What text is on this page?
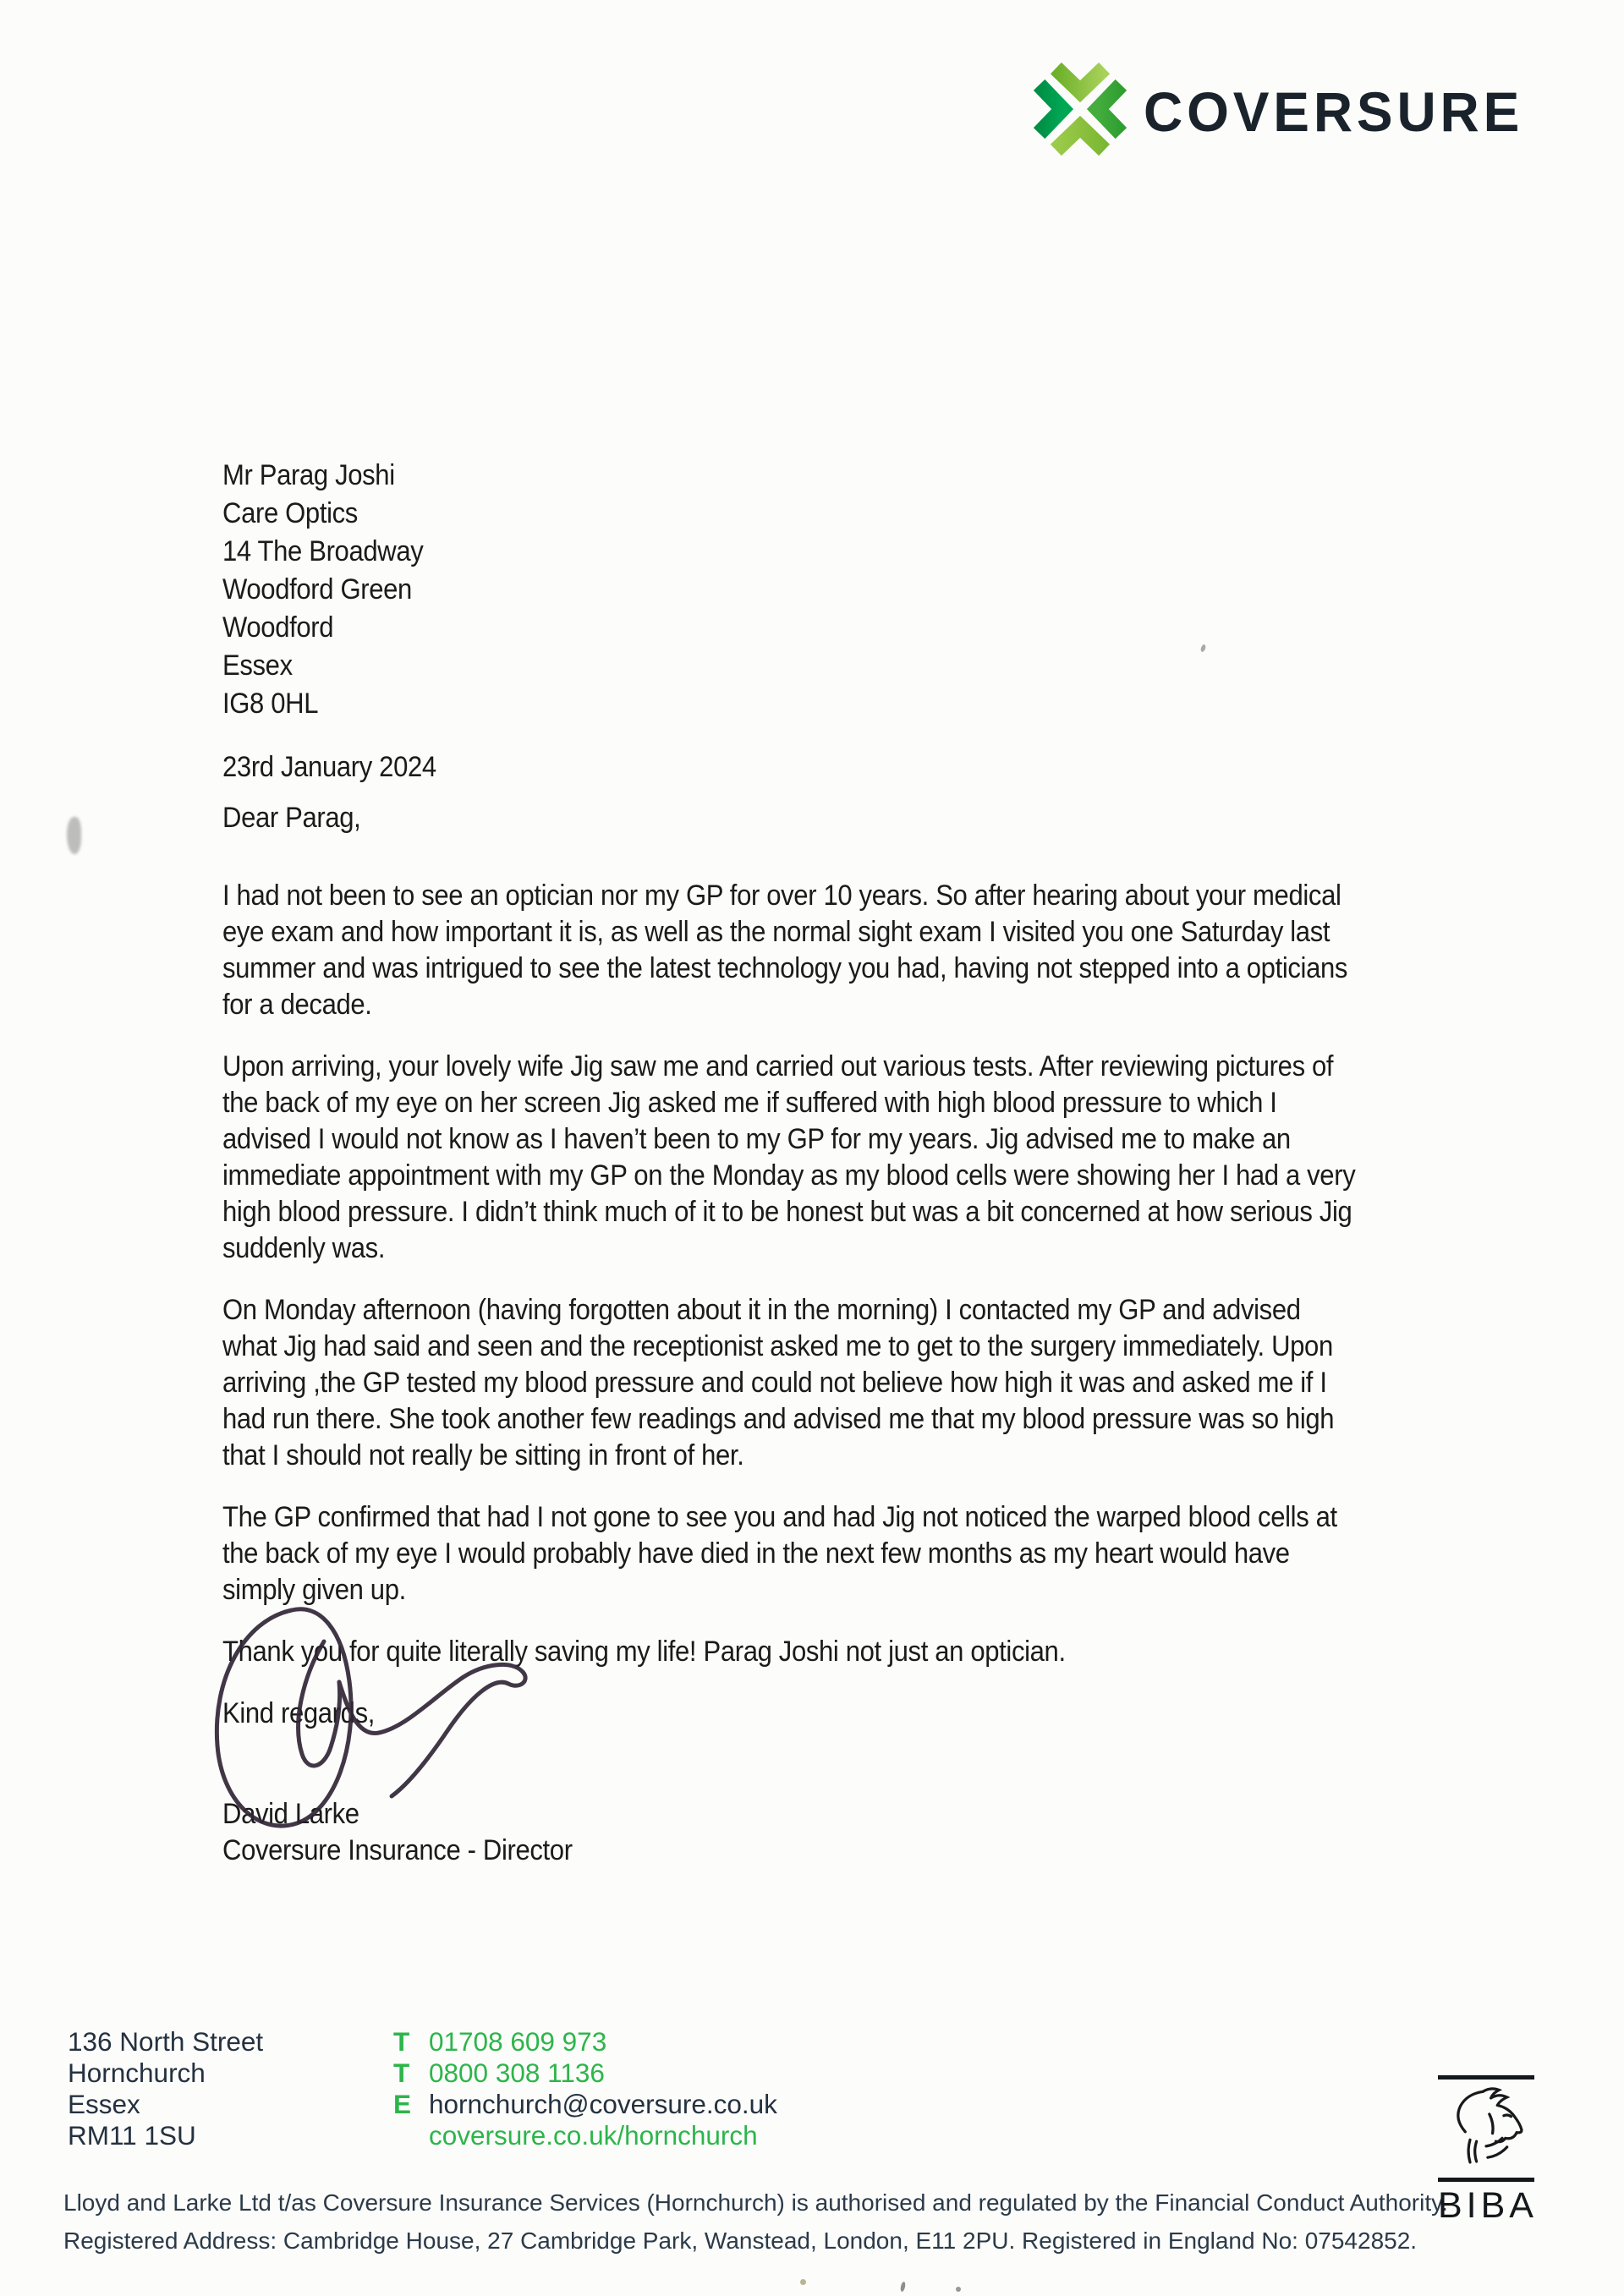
COVERSURE
Mr Parag Joshi
Care Optics
14 The Broadway
Woodford Green
Woodford
Essex
IG8 0HL
23rd January 2024
Dear Parag,
I had not been to see an optician nor my GP for over 10 years. So after hearing about your medical
eye exam and how important it is, as well as the normal sight exam I visited you one Saturday last
summer and was intrigued to see the latest technology you had, having not stepped into a opticians
for a decade.
Upon arriving, your lovely wife Jig saw me and carried out various tests. After reviewing pictures of
the back of my eye on her screen Jig asked me if suffered with high blood pressure to which I
advised I would not know as I haven’t been to my GP for my years. Jig advised me to make an
immediate appointment with my GP on the Monday as my blood cells were showing her I had a very
high blood pressure. I didn’t think much of it to be honest but was a bit concerned at how serious Jig
suddenly was.
On Monday afternoon (having forgotten about it in the morning) I contacted my GP and advised
what Jig had said and seen and the receptionist asked me to get to the surgery immediately. Upon
arriving ,the GP tested my blood pressure and could not believe how high it was and asked me if I
had run there. She took another few readings and advised me that my blood pressure was so high
that I should not really be sitting in front of her.
The GP confirmed that had I not gone to see you and had Jig not noticed the warped blood cells at
the back of my eye I would probably have died in the next few months as my heart would have
simply given up.
Thank you for quite literally saving my life! Parag Joshi not just an optician.
Kind regards,
David Larke
Coversure Insurance - Director
136 North Street
Hornchurch
Essex
RM11 1SU
T 01708 609 973
T 0800 308 1136
E hornchurch@coversure.co.uk
coversure.co.uk/hornchurch
Lloyd and Larke Ltd t/as Coversure Insurance Services (Hornchurch) is authorised and regulated by the Financial Conduct Authority.
Registered Address: Cambridge House, 27 Cambridge Park, Wanstead, London, E11 2PU. Registered in England No: 07542852.
BIBA
